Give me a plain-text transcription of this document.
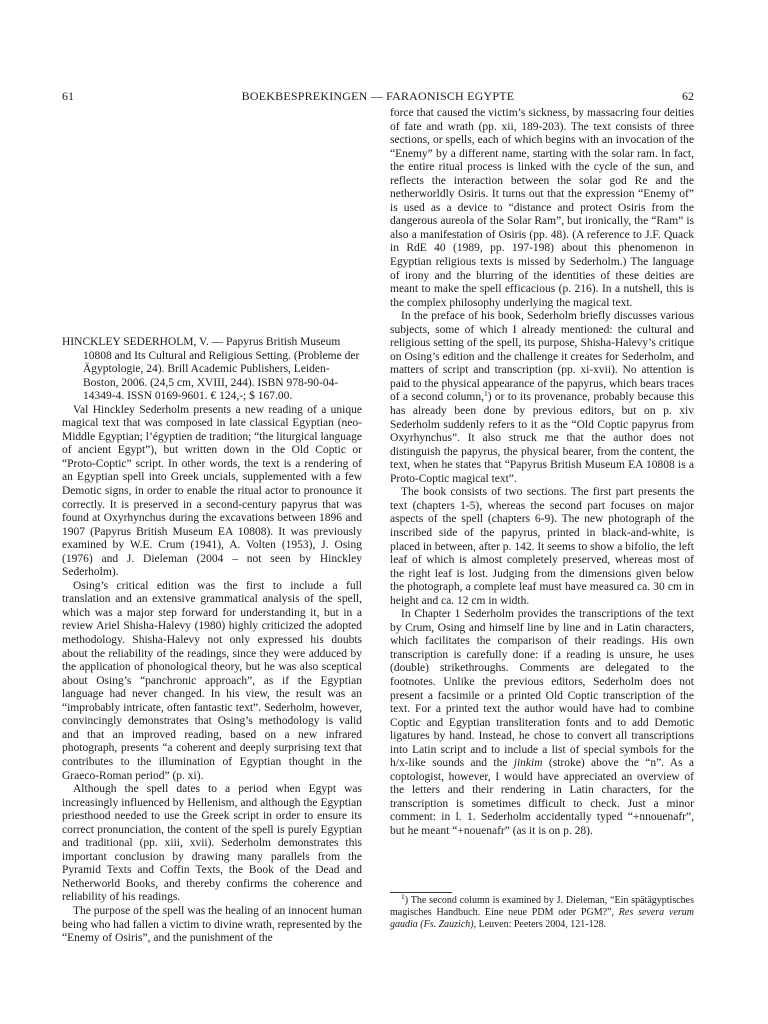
61	BOEKBESPREKINGEN — FARAONISCH EGYPTE	62

HINCKLEY SEDERHOLM, V. — Papyrus British Museum 10808 and Its Cultural and Religious Setting. (Probleme der Ägyptologie, 24). Brill Academic Publishers, Leiden-Boston, 2006. (24,5 cm, XVIII, 244). ISBN 978-90-04-14349-4. ISSN 0169-9601. € 124,-; $ 167.00.

Val Hinckley Sederholm presents a new reading of a unique magical text that was composed in late classical Egyptian (neo-Middle Egyptian; l’égyptien de tradition; “the liturgical language of ancient Egypt”), but written down in the Old Coptic or “Proto-Coptic” script. In other words, the text is a rendering of an Egyptian spell into Greek uncials, supplemented with a few Demotic signs, in order to enable the ritual actor to pronounce it correctly. It is preserved in a second-century papyrus that was found at Oxyrhynchus during the excavations between 1896 and 1907 (Papyrus British Museum EA 10808). It was previously examined by W.E. Crum (1941), A. Volten (1953), J. Osing (1976) and J. Dieleman (2004 – not seen by Hinckley Sederholm).

Osing’s critical edition was the first to include a full translation and an extensive grammatical analysis of the spell, which was a major step forward for understanding it, but in a review Ariel Shisha-Halevy (1980) highly criticized the adopted methodology. Shisha-Halevy not only expressed his doubts about the reliability of the readings, since they were adduced by the application of phonological theory, but he was also sceptical about Osing’s “panchronic approach”, as if the Egyptian language had never changed. In his view, the result was an “improbably intricate, often fantastic text”. Sederholm, however, convincingly demonstrates that Osing’s methodology is valid and that an improved reading, based on a new infrared photograph, presents “a coherent and deeply surprising text that contributes to the illumination of Egyptian thought in the Graeco-Roman period” (p. xi).

Although the spell dates to a period when Egypt was increasingly influenced by Hellenism, and although the Egyptian priesthood needed to use the Greek script in order to ensure its correct pronunciation, the content of the spell is purely Egyptian and traditional (pp. xiii, xvii). Sederholm demonstrates this important conclusion by drawing many parallels from the Pyramid Texts and Coffin Texts, the Book of the Dead and Netherworld Books, and thereby confirms the coherence and reliability of his readings.

The purpose of the spell was the healing of an innocent human being who had fallen a victim to divine wrath, represented by the “Enemy of Osiris”, and the punishment of the

force that caused the victim’s sickness, by massacring four deities of fate and wrath (pp. xii, 189-203). The text consists of three sections, or spells, each of which begins with an invocation of the “Enemy” by a different name, starting with the solar ram. In fact, the entire ritual process is linked with the cycle of the sun, and reflects the interaction between the solar god Re and the netherworldly Osiris. It turns out that the expression “Enemy of” is used as a device to “distance and protect Osiris from the dangerous aureola of the Solar Ram”, but ironically, the “Ram” is also a manifestation of Osiris (pp. 48). (A reference to J.F. Quack in RdE 40 (1989, pp. 197-198) about this phenomenon in Egyptian religious texts is missed by Sederholm.) The language of irony and the blurring of the identities of these deities are meant to make the spell efficacious (p. 216). In a nutshell, this is the complex philosophy underlying the magical text.

In the preface of his book, Sederholm briefly discusses various subjects, some of which I already mentioned: the cultural and religious setting of the spell, its purpose, Shisha-Halevy’s critique on Osing’s edition and the challenge it creates for Sederholm, and matters of script and transcription (pp. xi-xvii). No attention is paid to the physical appearance of the papyrus, which bears traces of a second column,$^1$) or to its provenance, probably because this has already been done by previous editors, but on p. xiv Sederholm suddenly refers to it as the “Old Coptic papyrus from Oxyrhynchus”. It also struck me that the author does not distinguish the papyrus, the physical bearer, from the content, the text, when he states that “Papyrus British Museum EA 10808 is a Proto-Coptic magical text”.

The book consists of two sections. The first part presents the text (chapters 1-5), whereas the second part focuses on major aspects of the spell (chapters 6-9). The new photograph of the inscribed side of the papyrus, printed in black-and-white, is placed in between, after p. 142. It seems to show a bifolio, the left leaf of which is almost completely preserved, whereas most of the right leaf is lost. Judging from the dimensions given below the photograph, a complete leaf must have measured ca. 30 cm in height and ca. 12 cm in width.

In Chapter 1 Sederholm provides the transcriptions of the text by Crum, Osing and himself line by line and in Latin characters, which facilitates the comparison of their readings. His own transcription is carefully done: if a reading is unsure, he uses (double) strikethroughs. Comments are delegated to the footnotes. Unlike the previous editors, Sederholm does not present a facsimile or a printed Old Coptic transcription of the text. For a printed text the author would have had to combine Coptic and Egyptian transliteration fonts and to add Demotic ligatures by hand. Instead, he chose to convert all transcriptions into Latin script and to include a list of special symbols for the h/x-like sounds and the jinkim (stroke) above the “n”. As a coptologist, however, I would have appreciated an overview of the letters and their rendering in Latin characters, for the transcription is sometimes difficult to check. Just a minor comment: in l. 1. Sederholm accidentally typed “+nnouenafr”, but he meant “+nouenafr” (as it is on p. 28).

$^1$) The second column is examined by J. Dieleman, “Ein spätägyptisches magisches Handbuch. Eine neue PDM oder PGM?”, Res severa verum gaudia (Fs. Zauzich), Leuven: Peeters 2004, 121-128.
